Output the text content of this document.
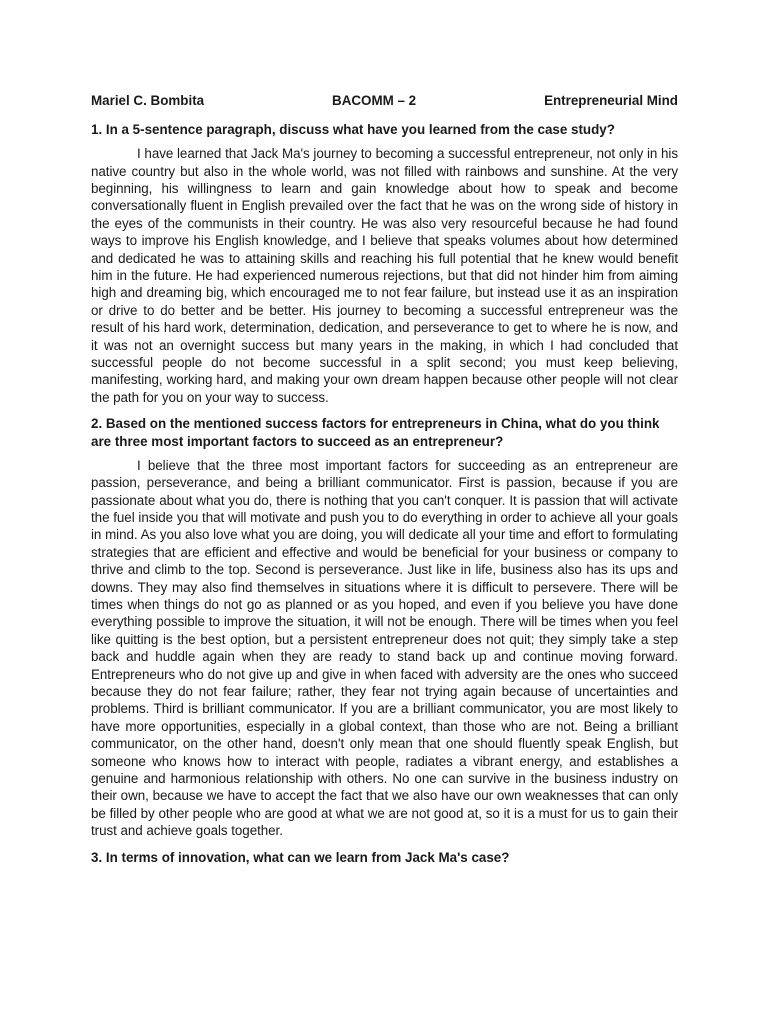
Mariel C. Bombita	BACOMM – 2	Entrepreneurial Mind
1. In a 5-sentence paragraph, discuss what have you learned from the case study?
I have learned that Jack Ma's journey to becoming a successful entrepreneur, not only in his native country but also in the whole world, was not filled with rainbows and sunshine. At the very beginning, his willingness to learn and gain knowledge about how to speak and become conversationally fluent in English prevailed over the fact that he was on the wrong side of history in the eyes of the communists in their country. He was also very resourceful because he had found ways to improve his English knowledge, and I believe that speaks volumes about how determined and dedicated he was to attaining skills and reaching his full potential that he knew would benefit him in the future. He had experienced numerous rejections, but that did not hinder him from aiming high and dreaming big, which encouraged me to not fear failure, but instead use it as an inspiration or drive to do better and be better. His journey to becoming a successful entrepreneur was the result of his hard work, determination, dedication, and perseverance to get to where he is now, and it was not an overnight success but many years in the making, in which I had concluded that successful people do not become successful in a split second; you must keep believing, manifesting, working hard, and making your own dream happen because other people will not clear the path for you on your way to success.
2. Based on the mentioned success factors for entrepreneurs in China, what do you think are three most important factors to succeed as an entrepreneur?
I believe that the three most important factors for succeeding as an entrepreneur are passion, perseverance, and being a brilliant communicator. First is passion, because if you are passionate about what you do, there is nothing that you can't conquer. It is passion that will activate the fuel inside you that will motivate and push you to do everything in order to achieve all your goals in mind. As you also love what you are doing, you will dedicate all your time and effort to formulating strategies that are efficient and effective and would be beneficial for your business or company to thrive and climb to the top. Second is perseverance. Just like in life, business also has its ups and downs. They may also find themselves in situations where it is difficult to persevere. There will be times when things do not go as planned or as you hoped, and even if you believe you have done everything possible to improve the situation, it will not be enough. There will be times when you feel like quitting is the best option, but a persistent entrepreneur does not quit; they simply take a step back and huddle again when they are ready to stand back up and continue moving forward. Entrepreneurs who do not give up and give in when faced with adversity are the ones who succeed because they do not fear failure; rather, they fear not trying again because of uncertainties and problems. Third is brilliant communicator. If you are a brilliant communicator, you are most likely to have more opportunities, especially in a global context, than those who are not. Being a brilliant communicator, on the other hand, doesn't only mean that one should fluently speak English, but someone who knows how to interact with people, radiates a vibrant energy, and establishes a genuine and harmonious relationship with others. No one can survive in the business industry on their own, because we have to accept the fact that we also have our own weaknesses that can only be filled by other people who are good at what we are not good at, so it is a must for us to gain their trust and achieve goals together.
3. In terms of innovation, what can we learn from Jack Ma's case?
